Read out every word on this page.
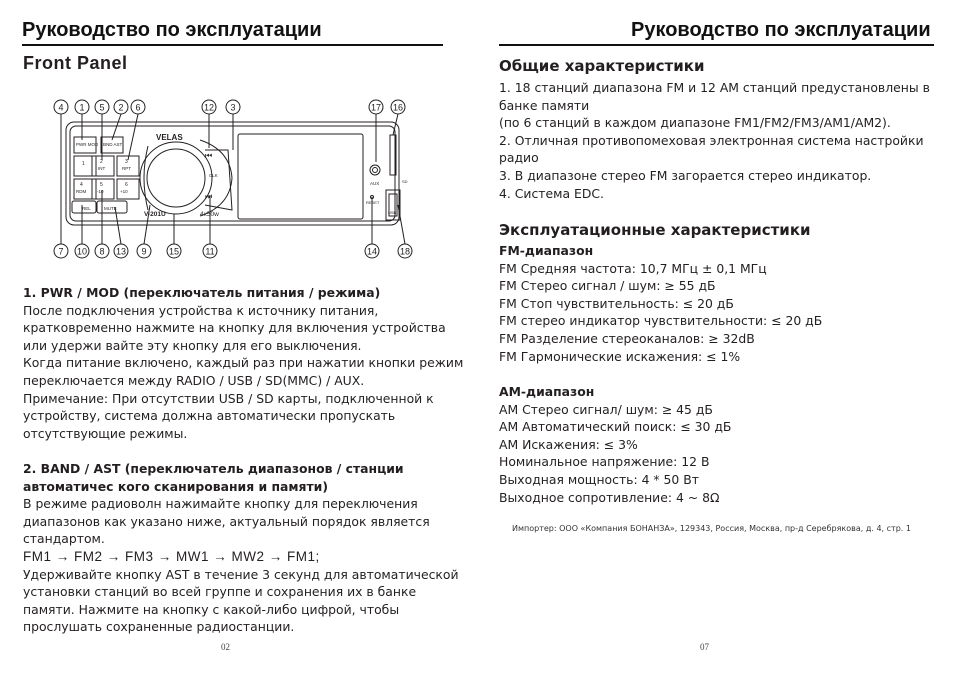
Руководство по эксплуатации	Руководство по эксплуатации
Front Panel
⏮
⏭
VELAS
V-201U	4x50w
PWR MOD BND AST
1	2
INT
3
RPT
4
RDM
5
-10
6
+10
REL	MUTE
CLK
AUX
RESET
USB
SD
4 1 5 2 6	12 3	17 16
7 10 8 13 9 15	11	14	18
1. PWR / MOD (переключатель питания / режима)
После подключения устройства к источнику питания,
кратковременно нажмите на кнопку для включения устройства
или удержи вайте эту кнопку для его выключения.
Когда питание включено, каждый раз при нажатии кнопки режим
переключается между RADIO / USB / SD(MMC) / AUX.
Примечание: При отсутствии USB / SD карты, подключенной к
устройству, система должна автоматически пропускать
отсутствующие режимы.
2. BAND / AST (переключатель диапазонов / станции
автоматичес кого сканирования и памяти)
В режиме радиоволн нажимайте кнопку для переключения
диапазонов как указано ниже, актуальный порядок является
стандартом.
FM1 → FM2 → FM3 → MW1 → MW2 → FM1;
Удерживайте кнопку AST в течение 3 секунд для автоматической
установки станций во всей группе и сохранения их в банке
памяти. Нажмите на кнопку с какой-либо цифрой, чтобы
прослушать сохраненные радиостанции.
02
Общие характеристики
1. 18 станций диапазона FM и 12 AM станций предустановлены в
банке памяти
(по 6 станций в каждом диапазоне FM1/FM2/FM3/AM1/AM2).
2. Отличная противопомеховая электронная система настройки
радио
3. В диапазоне стерео FM загорается стерео индикатор.
4. Система EDC.
Эксплуатационные характеристики
FM-диапазон
FM Средняя частота: 10,7 МГц ± 0,1 МГц
FM Стерео сигнал / шум: ≥ 55 дБ
FM Стоп чувствительность: ≤ 20 дБ
FM стерео индикатор чувствительности: ≤ 20 дБ
FM Разделение стереоканалов: ≥ 32dB
FM Гармонические искажения: ≤ 1%
AM-диапазон
AM Стерео сигнал/ шум: ≥ 45 дБ
AM Автоматический поиск: ≤ 30 дБ
AM Искажения: ≤ 3%
Номинальное напряжение: 12 В
Выходная мощность: 4 * 50 Вт
Выходное сопротивление: 4 ~ 8Ω
Импортер: ООО «Компания БОНАНЗА», 129343, Россия, Москва, пр-д Серебрякова, д. 4, стр. 1
07
